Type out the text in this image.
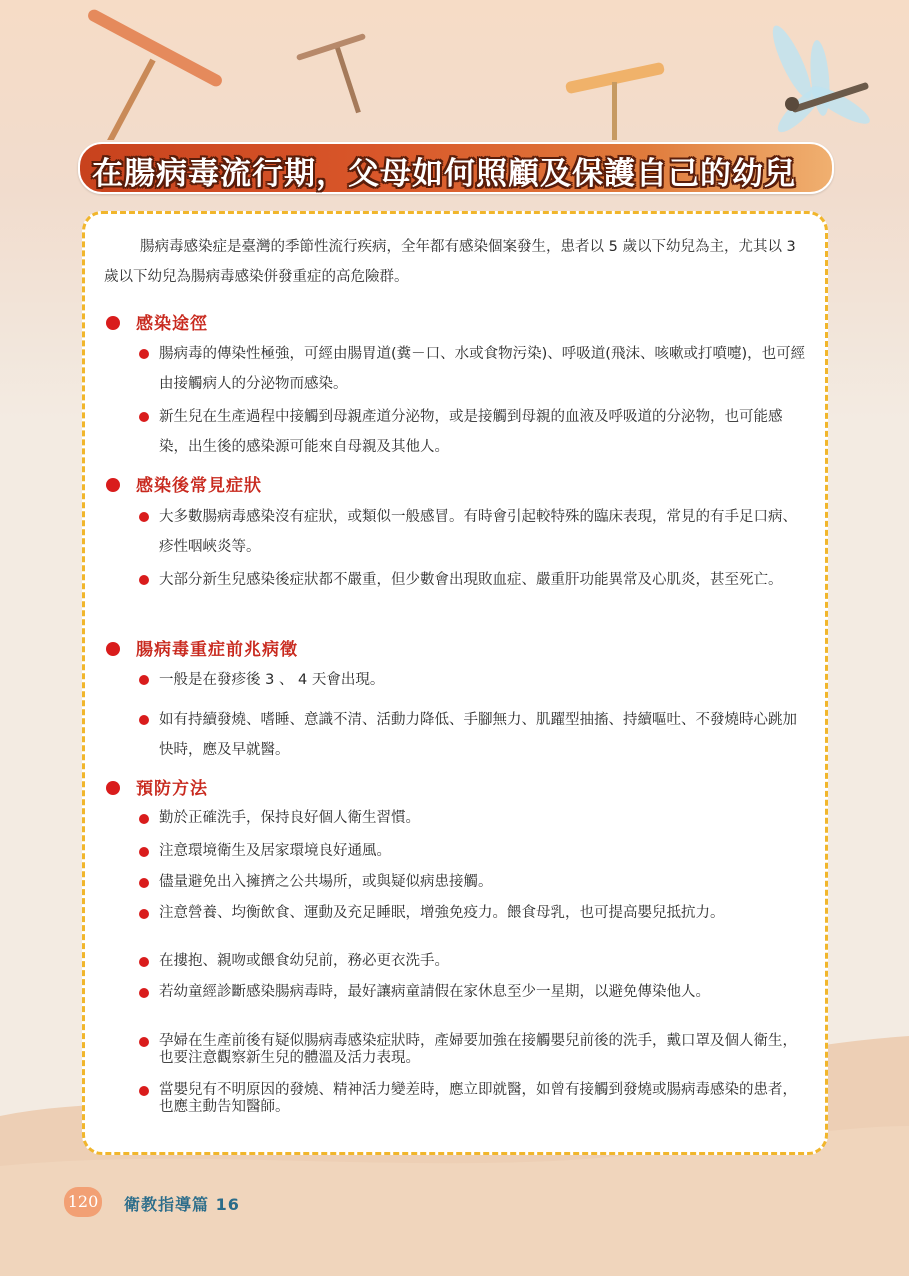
在腸病毒流行期，父母如何照顧及保護自己的幼兒
腸病毒感染症是臺灣的季節性流行疾病，全年都有感染個案發生，患者以 5 歲以下幼兒為主，尤其以 3 歲以下幼兒為腸病毒感染併發重症的高危險群。
感染途徑
腸病毒的傳染性極強，可經由腸胃道(糞－口、水或食物污染)、呼吸道(飛沫、咳嗽或打噴嚏)，也可經由接觸病人的分泌物而感染。
新生兒在生產過程中接觸到母親產道分泌物，或是接觸到母親的血液及呼吸道的分泌物，也可能感染，出生後的感染源可能來自母親及其他人。
感染後常見症狀
大多數腸病毒感染沒有症狀，或類似一般感冒。有時會引起較特殊的臨床表現，常見的有手足口病、　疹性咽峽炎等。
大部分新生兒感染後症狀都不嚴重，但少數會出現敗血症、嚴重肝功能異常及心肌炎，甚至死亡。
腸病毒重症前兆病徵
一般是在發疹後 3 、 4 天會出現。
如有持續發燒、嗜睡、意識不清、活動力降低、手腳無力、肌躍型抽搐、持續嘔吐、不發燒時心跳加快時，應及早就醫。
預防方法
勤於正確洗手，保持良好個人衛生習慣。
注意環境衛生及居家環境良好通風。
儘量避免出入擁擠之公共場所，或與疑似病患接觸。
注意營養、均衡飲食、運動及充足睡眠，增強免疫力。餵食母乳，也可提高嬰兒抵抗力。
在摟抱、親吻或餵食幼兒前，務必更衣洗手。
若幼童經診斷感染腸病毒時，最好讓病童請假在家休息至少一星期，以避免傳染他人。
孕婦在生產前後有疑似腸病毒感染症狀時，產婦要加強在接觸嬰兒前後的洗手，戴口罩及個人衛生，也要注意觀察新生兒的體溫及活力表現。
當嬰兒有不明原因的發燒、精神活力變差時，應立即就醫，如曾有接觸到發燒或腸病毒感染的患者，也應主動告知醫師。
120 衛教指導篇 16
